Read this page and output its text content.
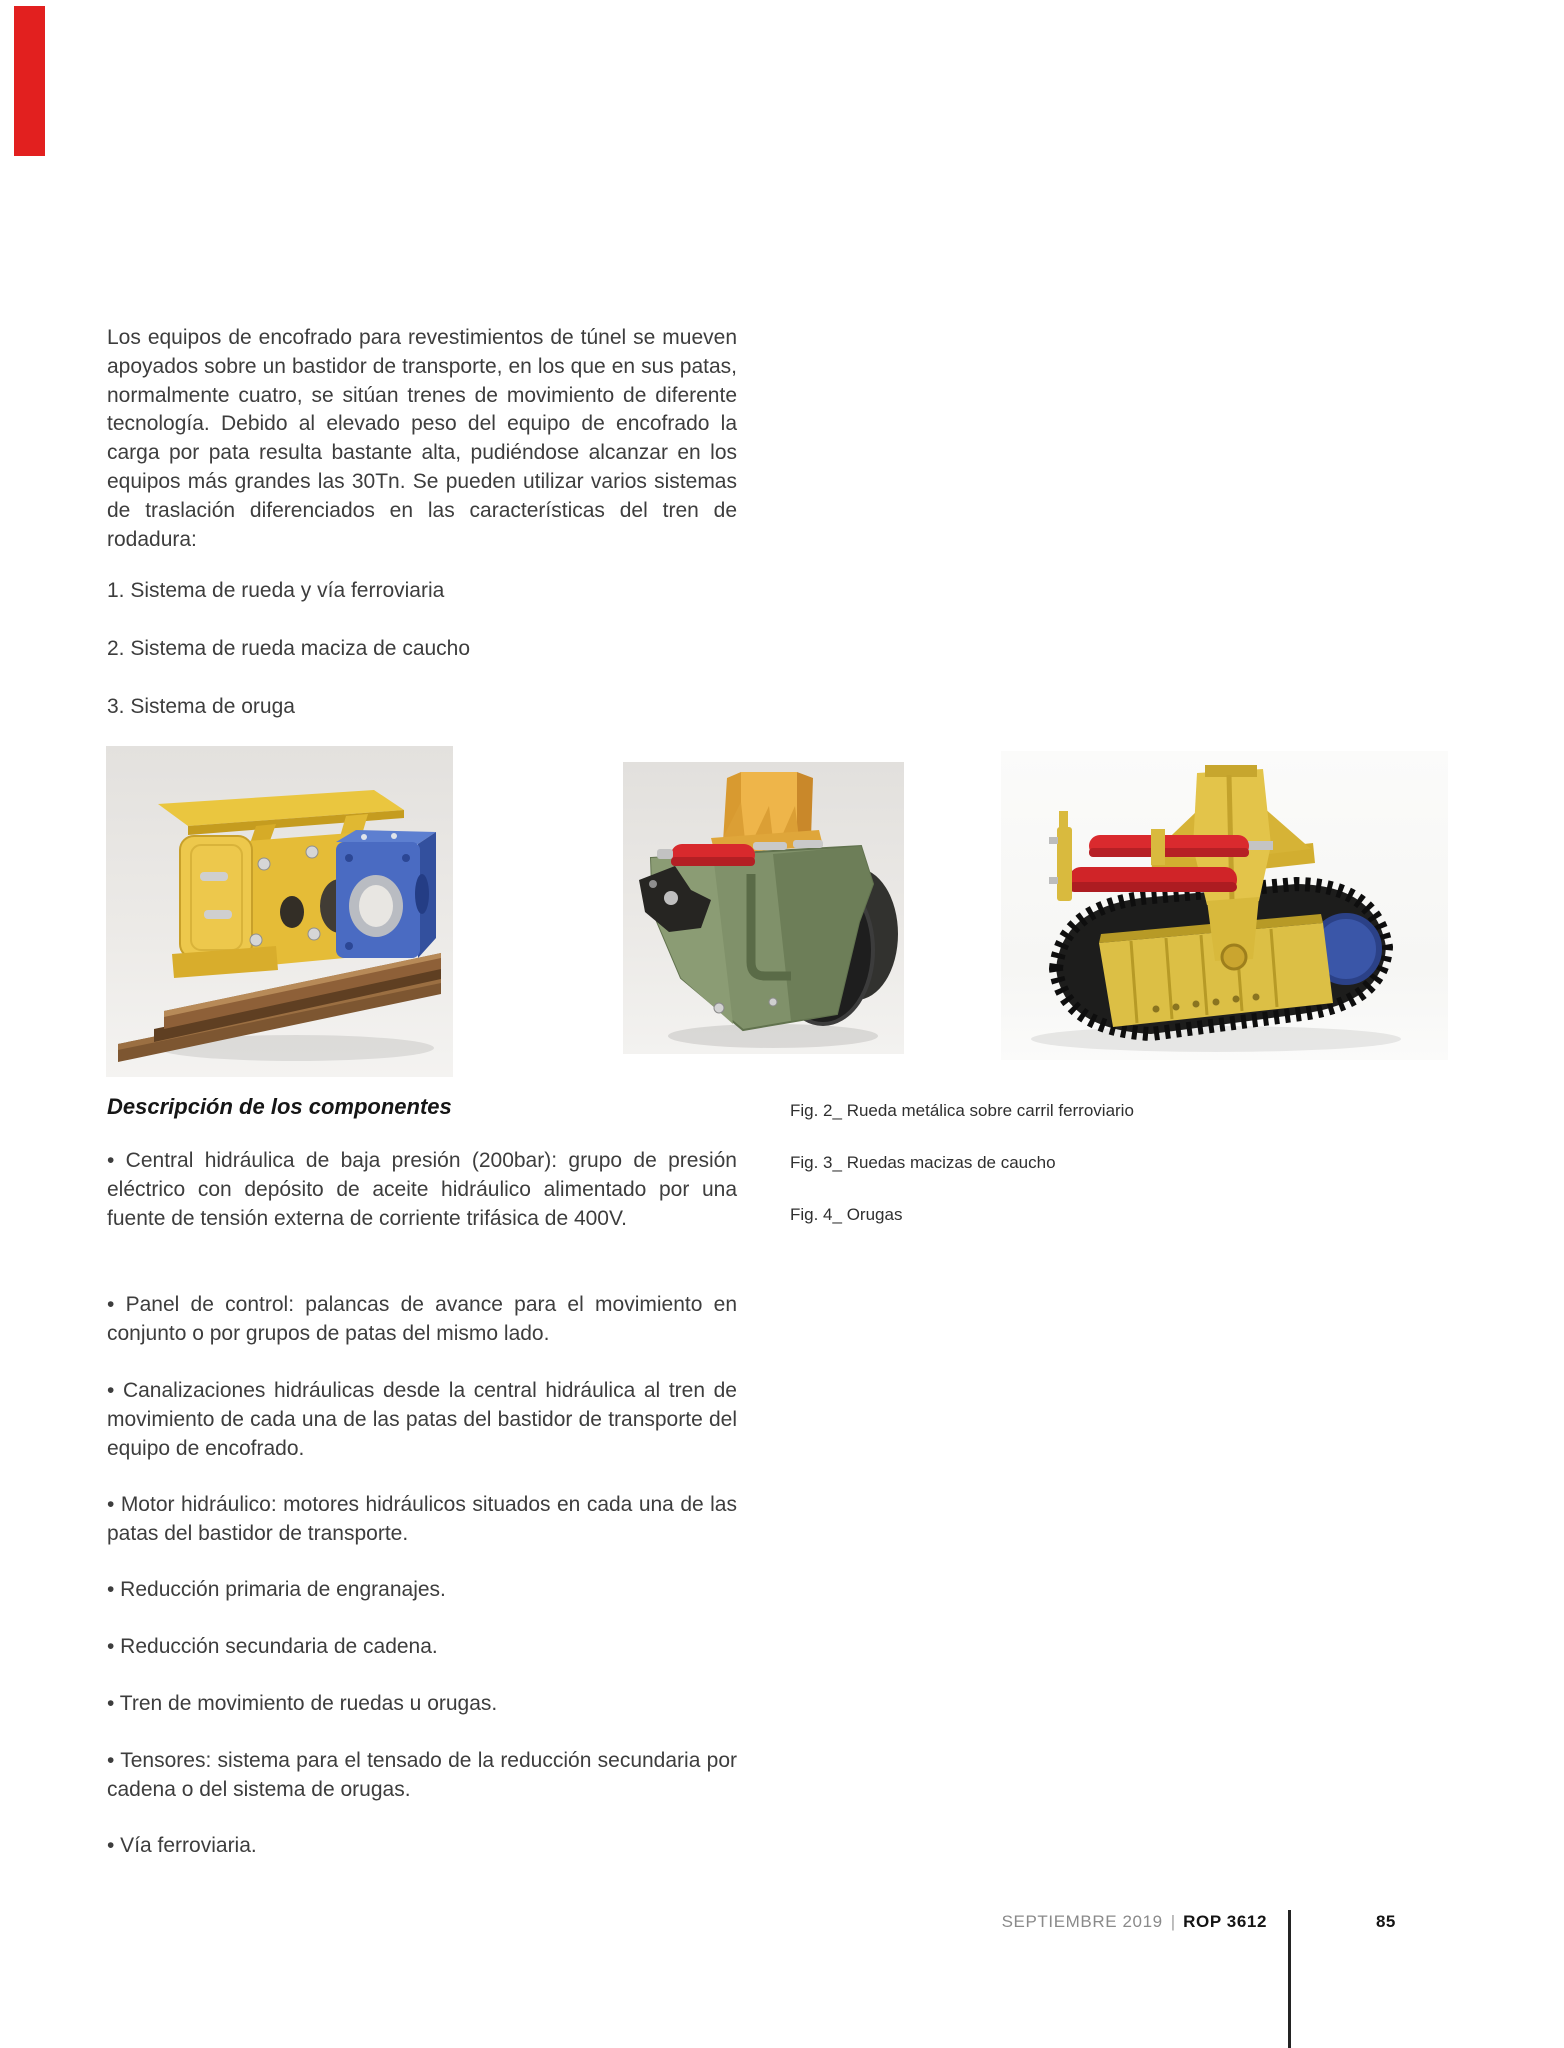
Los equipos de encofrado para revestimientos de túnel se mueven apoyados sobre un bastidor de transporte, en los que en sus patas, normalmente cuatro, se sitúan trenes de movimiento de diferente tecnología. Debido al elevado peso del equipo de encofrado la carga por pata resulta bastante alta, pudiéndose alcanzar en los equipos más grandes las 30Tn. Se pueden utilizar varios sistemas de traslación diferenciados en las características del tren de rodadura:

1. Sistema de rueda y vía ferroviaria

2. Sistema de rueda maciza de caucho

3. Sistema de oruga

Descripción de los componentes

• Central hidráulica de baja presión (200bar): grupo de presión eléctrico con depósito de aceite hidráulico alimentado por una fuente de tensión externa de corriente trifásica de 400V.

• Panel de control: palancas de avance para el movimiento en conjunto o por grupos de patas del mismo lado.

• Canalizaciones hidráulicas desde la central hidráulica al tren de movimiento de cada una de las patas del bastidor de transporte del equipo de encofrado.

• Motor hidráulico: motores hidráulicos situados en cada una de las patas del bastidor de transporte.

• Reducción primaria de engranajes.

• Reducción secundaria de cadena.

• Tren de movimiento de ruedas u orugas.

• Tensores: sistema para el tensado de la reducción secundaria por cadena o del sistema de orugas.

• Vía ferroviaria.

Fig. 2_ Rueda metálica sobre carril ferroviario

Fig. 3_ Ruedas macizas de caucho

Fig. 4_ Orugas

SEPTIEMBRE 2019 | ROP 3612	85
